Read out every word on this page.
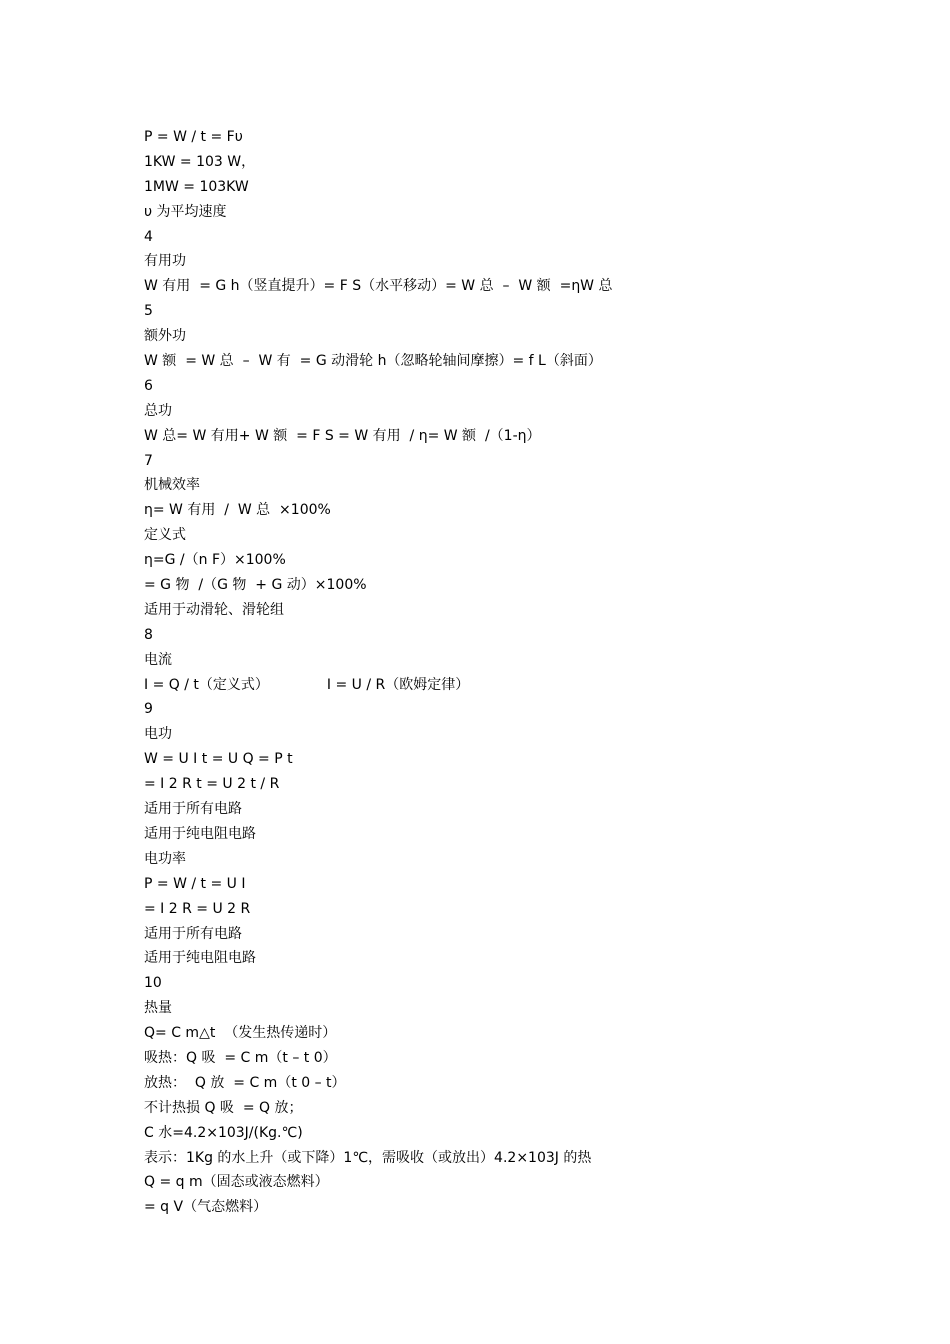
P = W / t = Fυ
1KW = 103 W，
1MW = 103KW
υ 为平均速度
4
有用功
W 有用  = G h（竖直提升）= F S（水平移动）= W 总  –  W 额  =ηW 总
5
额外功
W 额  = W 总  –  W 有  = G 动滑轮 h（忽略轮轴间摩擦）= f L（斜面）
6
总功
W 总= W 有用+ W 额  = F S = W 有用  / η= W 额  /（1-η）
7
机械效率
η= W 有用  /  W 总  ×100%
定义式
η=G /（n F）×100%
= G 物  /（G 物  + G 动）×100%
适用于动滑轮、滑轮组
8
电流
I = Q / t（定义式）	I = U / R（欧姆定律）
9
电功
W = U I t = U Q = P t
= I 2 R t = U 2 t / R
适用于所有电路
适用于纯电阻电路
电功率
P = W / t = U I
= I 2 R = U 2 R
适用于所有电路
适用于纯电阻电路
10
热量
Q= C m△t  （发生热传递时）
吸热：Q 吸  = C m（t – t 0）
放热：  Q 放  = C m（t 0 – t）
不计热损 Q 吸  = Q 放；
C 水=4.2×103J/(Kg.℃)
表示：1Kg 的水上升（或下降）1℃，需吸收（或放出）4.2×103J 的热
Q = q m（固态或液态燃料）
= q V（气态燃料）
